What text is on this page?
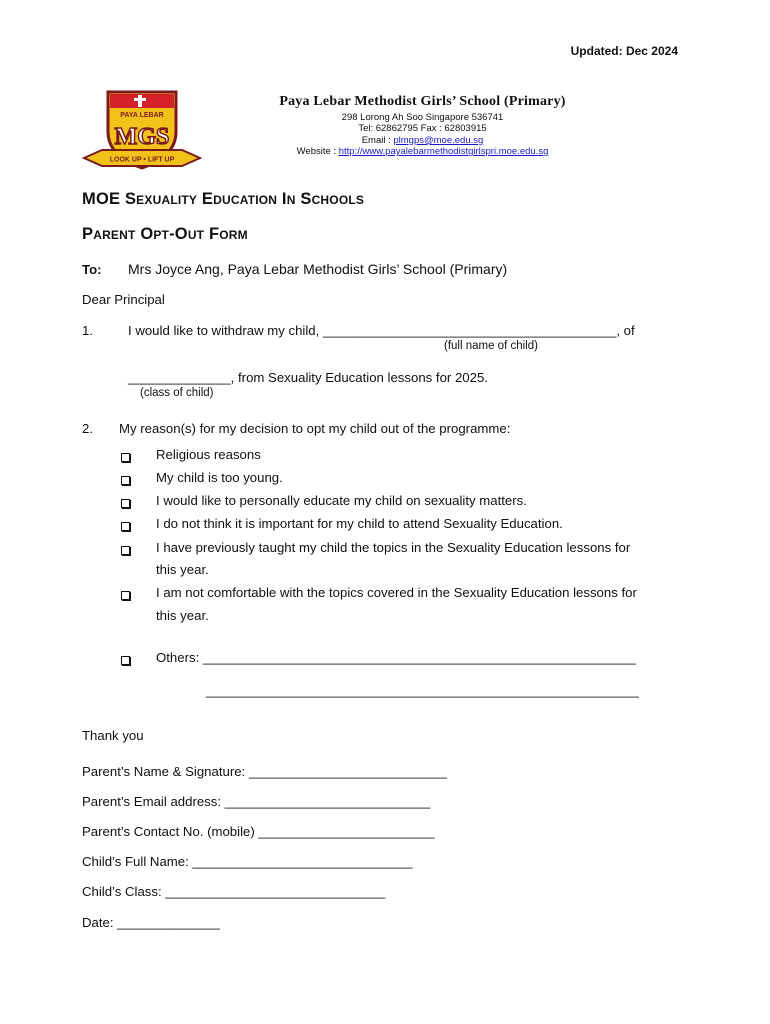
Updated: Dec 2024
PAYA LEBAR
MGS
LOOK UP • LIFT UP
Paya Lebar Methodist Girls’ School (Primary)
298 Lorong Ah Soo Singapore 536741
Tel: 62862795 Fax : 62803915
Email : plmgps@moe.edu.sg
Website : http://www.payalebarmethodistgirlspri.moe.edu.sg
MOE Sexuality Education In Schools
Parent Opt-Out Form
To: Mrs Joyce Ang, Paya Lebar Methodist Girls’ School (Primary)
Dear Principal
1.	I would like to withdraw my child, ________________________________________, of
(full name of child)
______________, from Sexuality Education lessons for 2025.
(class of child)
2. My reason(s) for my decision to opt my child out of the programme:
Religious reasons
My child is too young.
I would like to personally educate my child on sexuality matters.
I do not think it is important for my child to attend Sexuality Education.
I have previously taught my child the topics in the Sexuality Education lessons for
this year.
I am not comfortable with the topics covered in the Sexuality Education lessons for
this year.
Others: ___________________________________________________________
___________________________________________________________
Thank you
Parent’s Name & Signature: ___________________________
Parent’s Email address: ____________________________
Parent’s Contact No. (mobile) ________________________
Child’s Full Name: ______________________________
Child’s Class: ______________________________
Date: ______________
